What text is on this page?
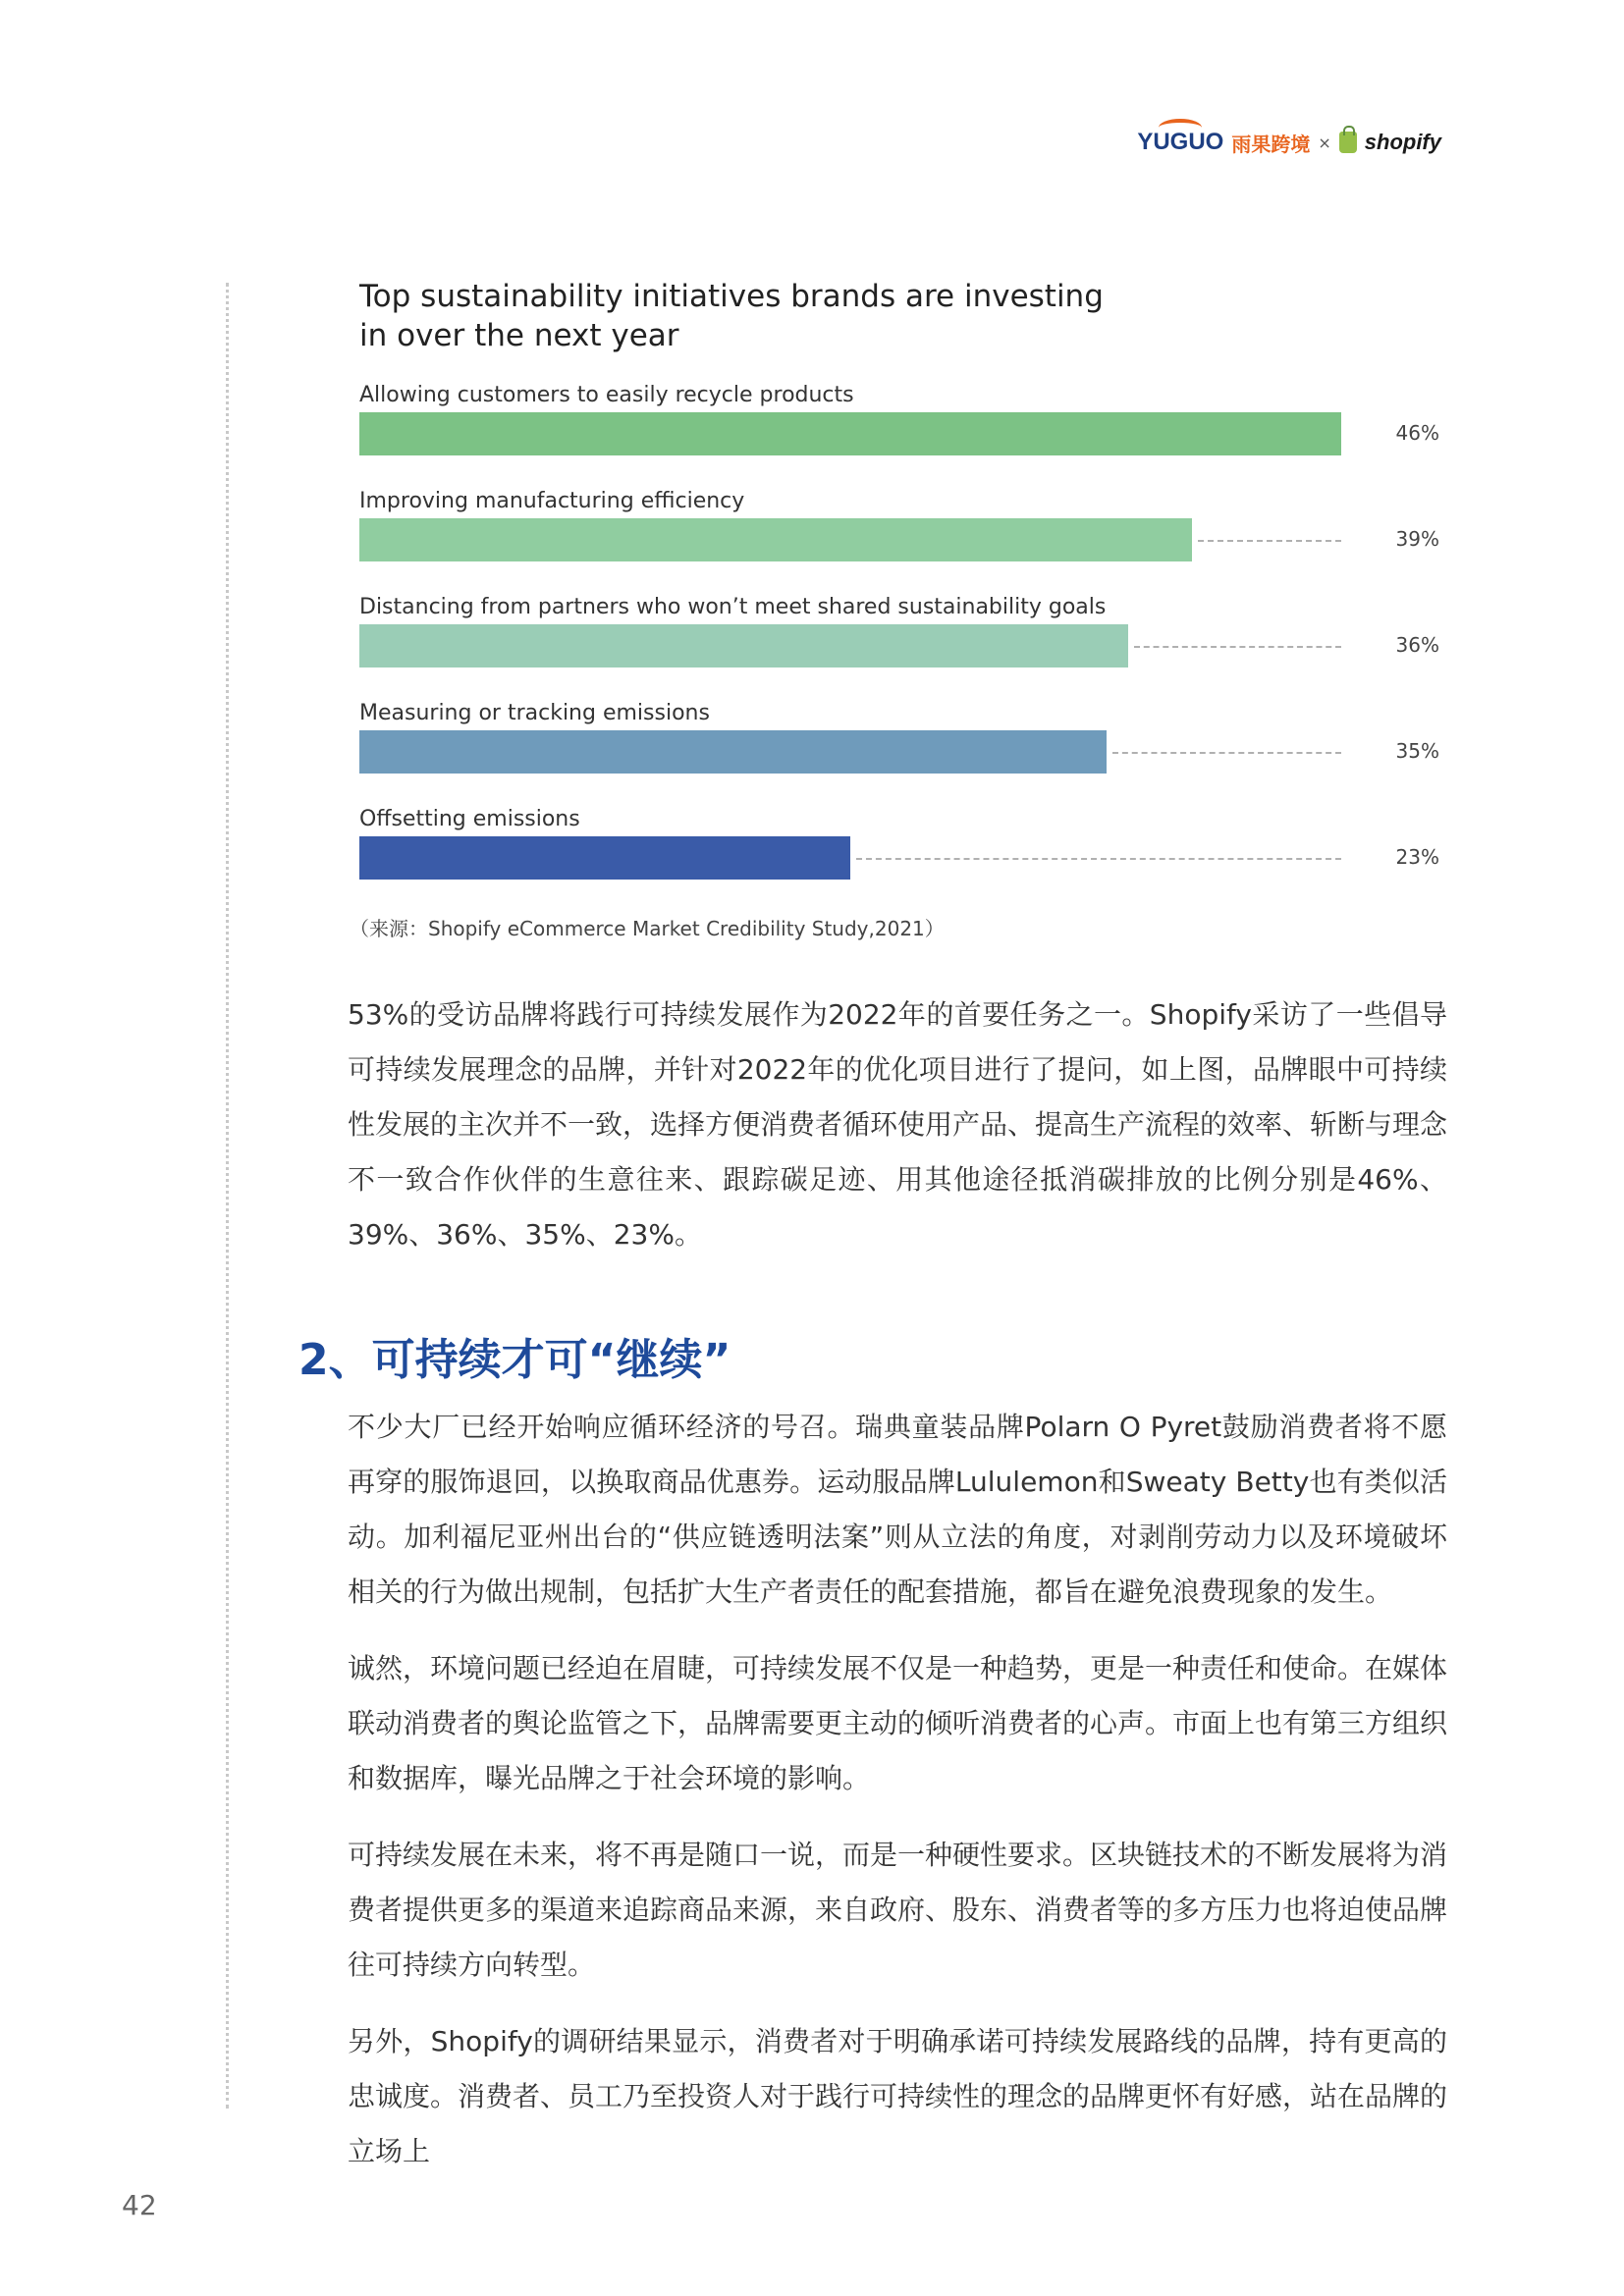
YUGUO 雨果跨境 × shopify
Top sustainability initiatives brands are investing
in over the next year
Allowing customers to easily recycle products
46%
Improving manufacturing efficiency
39%
Distancing from partners who won’t meet shared sustainability goals
36%
Measuring or tracking emissions
35%
Offsetting emissions
23%
（来源：Shopify eCommerce Market Credibility Study,2021）

53%的受访品牌将践行可持续发展作为2022年的首要任务之一。Shopify采访了一些倡导可持续发展理念的品牌，并针对2022年的优化项目进行了提问，如上图，品牌眼中可持续性发展的主次并不一致，选择方便消费者循环使用产品、提高生产流程的效率、斩断与理念不一致合作伙伴的生意往来、跟踪碳足迹、用其他途径抵消碳排放的比例分别是46%、39%、36%、35%、23%。

2、可持续才可“继续”

不少大厂已经开始响应循环经济的号召。瑞典童装品牌Polarn O Pyret鼓励消费者将不愿再穿的服饰退回，以换取商品优惠券。运动服品牌Lululemon和Sweaty Betty也有类似活动。加利福尼亚州出台的“供应链透明法案”则从立法的角度，对剥削劳动力以及环境破坏相关的行为做出规制，包括扩大生产者责任的配套措施，都旨在避免浪费现象的发生。

诚然，环境问题已经迫在眉睫，可持续发展不仅是一种趋势，更是一种责任和使命。在媒体联动消费者的舆论监管之下，品牌需要更主动的倾听消费者的心声。市面上也有第三方组织和数据库，曝光品牌之于社会环境的影响。

可持续发展在未来，将不再是随口一说，而是一种硬性要求。区块链技术的不断发展将为消费者提供更多的渠道来追踪商品来源，来自政府、股东、消费者等的多方压力也将迫使品牌往可持续方向转型。

另外，Shopify的调研结果显示，消费者对于明确承诺可持续发展路线的品牌，持有更高的忠诚度。消费者、员工乃至投资人对于践行可持续性的理念的品牌更怀有好感，站在品牌的立场上

42
